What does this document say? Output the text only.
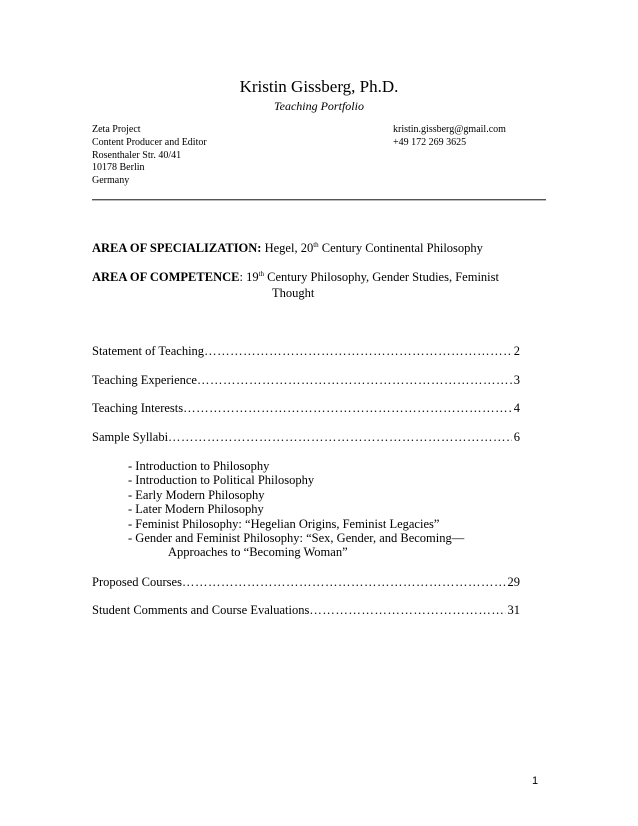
Kristin Gissberg, Ph.D.
Teaching Portfolio
Zeta Project
Content Producer and Editor
Rosenthaler Str. 40/41
10178 Berlin
Germany
kristin.gissberg@gmail.com
+49 172 269 3625
AREA OF SPECIALIZATION: Hegel, 20th Century Continental Philosophy
AREA OF COMPETENCE: 19th Century Philosophy, Gender Studies, Feminist
Thought
Statement of Teaching ……………………………………………………………………………………………………………	2
Teaching Experience ……………………………………………………………………………………………………………	3
Teaching Interests ……………………………………………………………………………………………………………	4
Sample Syllabi ……………………………………………………………………………………………………………	6
- Introduction to Philosophy
- Introduction to Political Philosophy
- Early Modern Philosophy
- Later Modern Philosophy
- Feminist Philosophy: “Hegelian Origins, Feminist Legacies”
- Gender and Feminist Philosophy: “Sex, Gender, and Becoming—
Approaches to “Becoming Woman”
Proposed Courses ……………………………………………………………………………………………………………	29
Student Comments and Course Evaluations ……………………………………………………………………………………………………………	31
1
